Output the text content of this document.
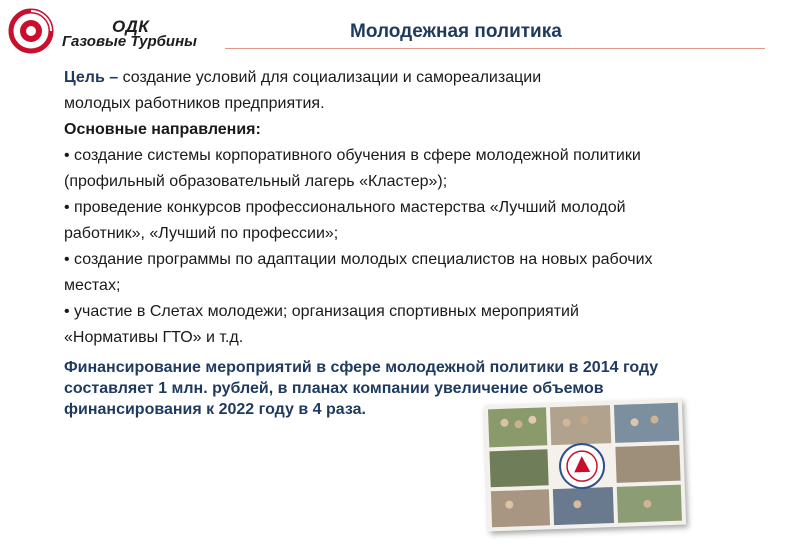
ОДК
Газовые Турбины	Молодежная политика
Цель – создание условий для социализации и самореализации
молодых работников предприятия.
Основные направления:
• создание системы корпоративного обучения в сфере молодежной политики
(профильный образовательный лагерь «Кластер»);
• проведение конкурсов профессионального мастерства «Лучший молодой
работник», «Лучший по профессии»;
• создание программы по адаптации молодых специалистов на новых рабочих
местах;
• участие в Слетах молодежи; организация спортивных мероприятий
«Нормативы ГТО» и т.д.
Финансирование мероприятий в сфере молодежной политики в 2014 году
составляет 1 млн. рублей, в планах компании увеличение объемов
финансирования к 2022 году в 4 раза.
